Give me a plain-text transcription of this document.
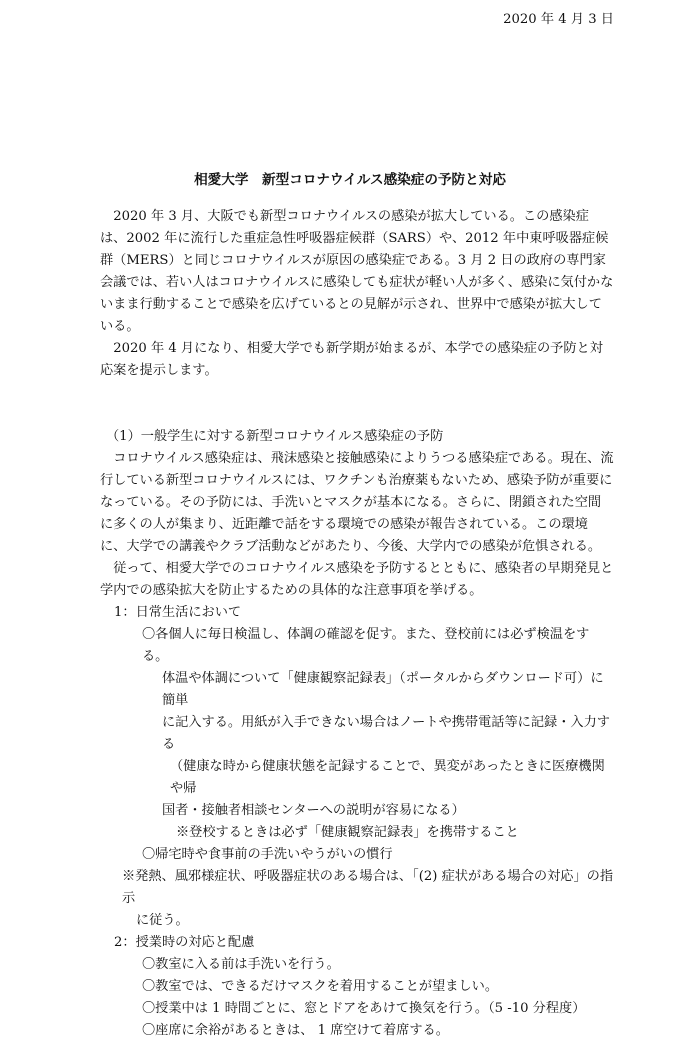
2020 年 4 月 3 日

相愛大学　新型コロナウイルス感染症の予防と対応

2020 年 3 月、大阪でも新型コロナウイルスの感染が拡大している。この感染症は、2002 年に流行した重症急性呼吸器症候群（SARS）や、2012 年中東呼吸器症候群（MERS）と同じコロナウイルスが原因の感染症である。3 月 2 日の政府の専門家会議では、若い人はコロナウイルスに感染しても症状が軽い人が多く、感染に気付かないまま行動することで感染を広げているとの見解が示され、世界中で感染が拡大している。

2020 年 4 月になり、相愛大学でも新学期が始まるが、本学での感染症の予防と対応案を提示します。

（1）一般学生に対する新型コロナウイルス感染症の予防

コロナウイルス感染症は、飛沫感染と接触感染によりうつる感染症である。現在、流行している新型コロナウイルスには、ワクチンも治療薬もないため、感染予防が重要になっている。その予防には、手洗いとマスクが基本になる。さらに、閉鎖された空間に多くの人が集まり、近距離で話をする環境での感染が報告されている。この環境に、大学での講義やクラブ活動などがあたり、今後、大学内での感染が危惧される。

従って、相愛大学でのコロナウイルス感染を予防するとともに、感染者の早期発見と学内での感染拡大を防止するための具体的な注意事項を挙げる。

1：日常生活において

〇各個人に毎日検温し、体調の確認を促す。また、登校前には必ず検温をする。

体温や体調について「健康観察記録表」（ポータルからダウンロード可）に簡単

に記入する。用紙が入手できない場合はノートや携帯電話等に記録・入力する

（健康な時から健康状態を記録することで、異変があったときに医療機関や帰

国者・接触者相談センターへの説明が容易になる）

※登校するときは必ず「健康観察記録表」を携帯すること

〇帰宅時や食事前の手洗いやうがいの慣行

※発熱、風邪様症状、呼吸器症状のある場合は、「(2) 症状がある場合の対応」の指示

に従う。

2：授業時の対応と配慮

〇教室に入る前は手洗いを行う。

〇教室では、できるだけマスクを着用することが望ましい。

〇授業中は 1 時間ごとに、窓とドアをあけて換気を行う。（5 -10 分程度）

〇座席に余裕があるときは、 1 席空けて着席する。
